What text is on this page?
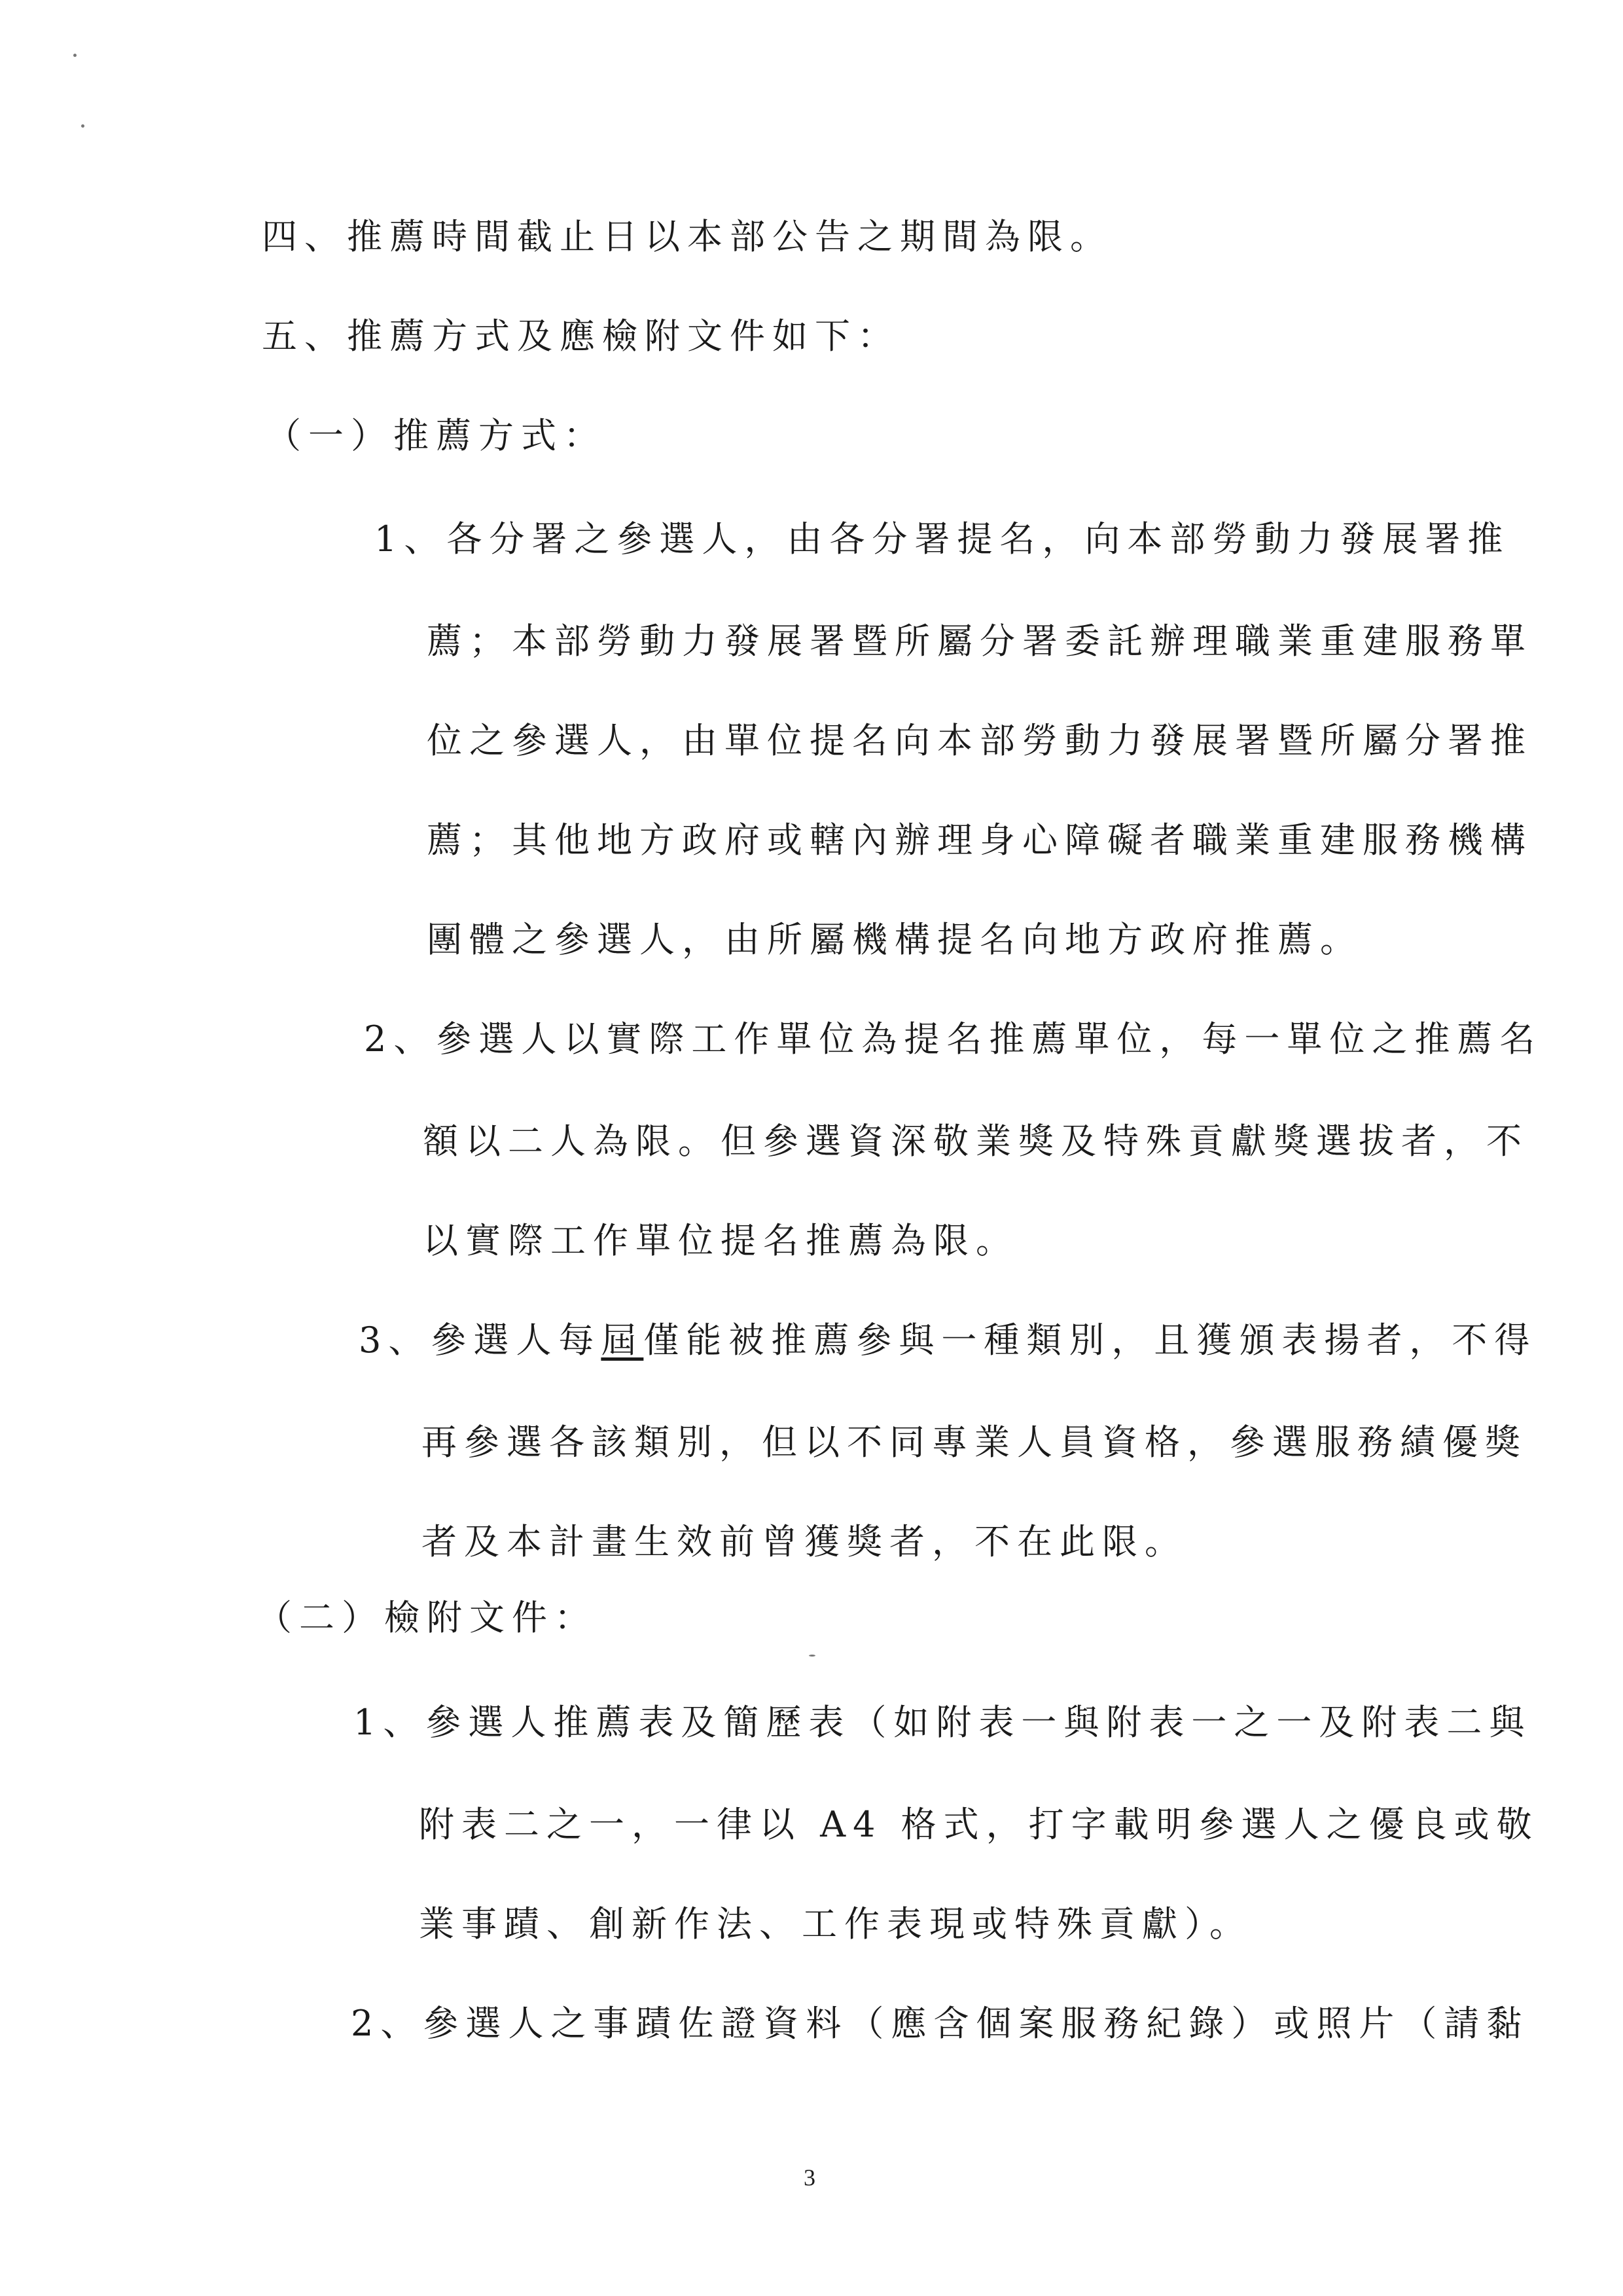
四、推薦時間截止日以本部公告之期間為限。
五、推薦方式及應檢附文件如下：
（一）推薦方式：
1、各分署之參選人，由各分署提名，向本部勞動力發展署推
薦；本部勞動力發展署暨所屬分署委託辦理職業重建服務單
位之參選人，由單位提名向本部勞動力發展署暨所屬分署推
薦；其他地方政府或轄內辦理身心障礙者職業重建服務機構
團體之參選人，由所屬機構提名向地方政府推薦。
2、參選人以實際工作單位為提名推薦單位，每一單位之推薦名
額以二人為限。但參選資深敬業獎及特殊貢獻獎選拔者，不
以實際工作單位提名推薦為限。
3、參選人每屆僅能被推薦參與一種類別，且獲頒表揚者，不得
再參選各該類別，但以不同專業人員資格，參選服務績優獎
者及本計畫生效前曾獲獎者，不在此限。
（二）檢附文件：
1、參選人推薦表及簡歷表（如附表一與附表一之一及附表二與
附表二之一，一律以 A4 格式，打字載明參選人之優良或敬
業事蹟、創新作法、工作表現或特殊貢獻）。
2、參選人之事蹟佐證資料（應含個案服務紀錄）或照片（請黏
3
